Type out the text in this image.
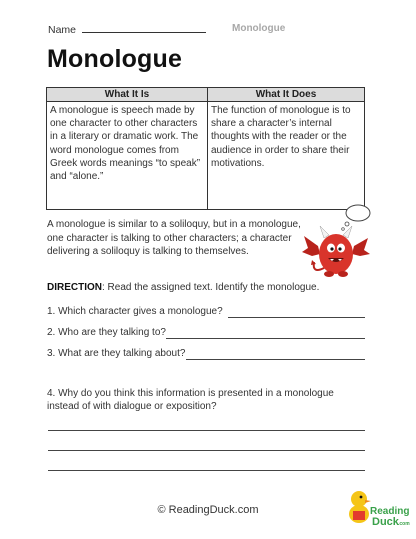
Name	Monologue
Monologue
What It Is	What It Does
A monologue is speech made by one character to other characters in a literary or dramatic work. The word monologue comes from Greek words meanings “to speak” and “alone.”	The function of monologue is to share a character’s internal thoughts with the reader or the audience in order to share their motivations.
A monologue is similar to a soliloquy, but in a monologue, one character is talking to other characters; a character delivering a soliloquy is talking to themselves.
DIRECTION: Read the assigned text. Identify the monologue.
1. Which character gives a monologue?
2. Who are they talking to?
3. What are they talking about?
4. Why do you think this information is presented in a monologue instead of with dialogue or exposition?
© ReadingDuck.com	Reading
Duck .com
